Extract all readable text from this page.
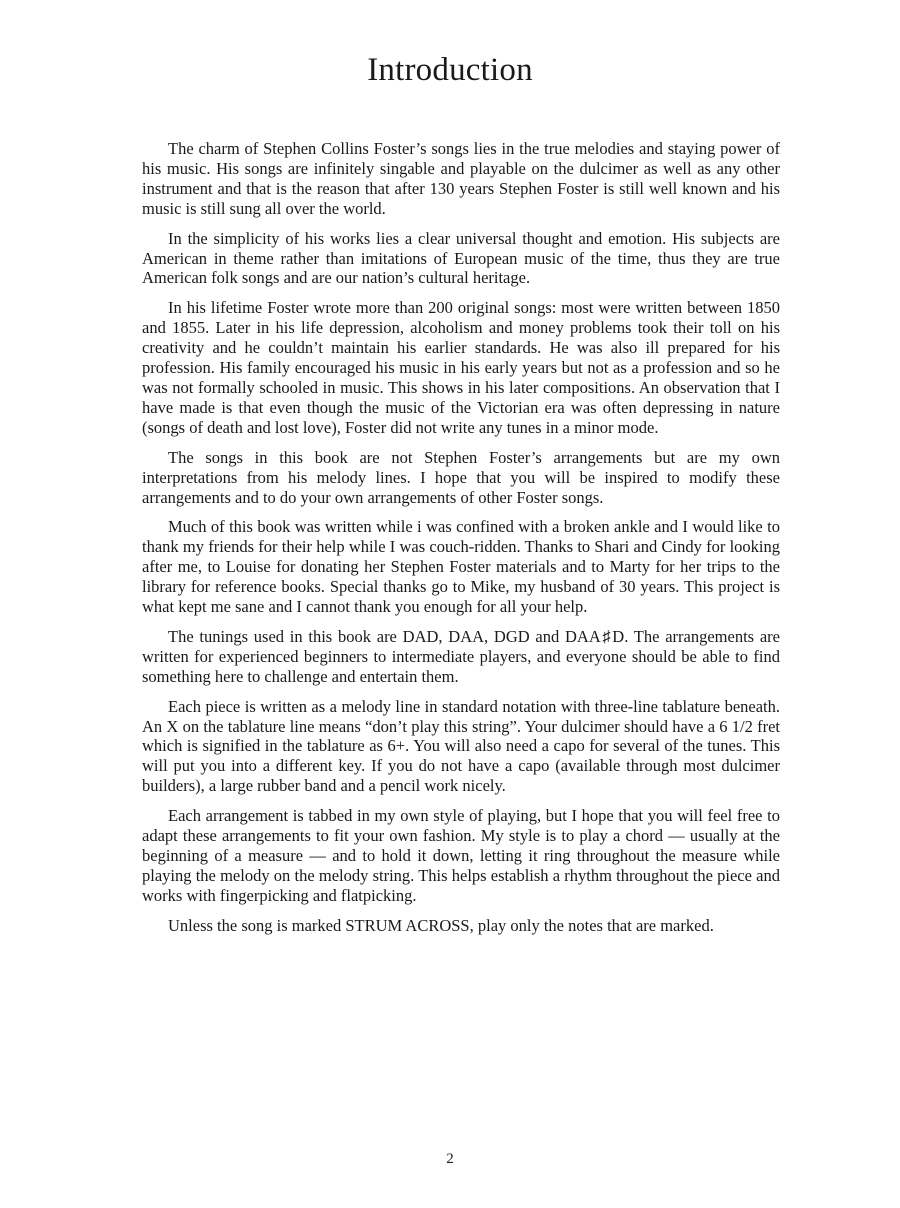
Introduction

The charm of Stephen Collins Foster’s songs lies in the true melodies and staying power of his music. His songs are infinitely singable and playable on the dulcimer as well as any other instrument and that is the reason that after 130 years Stephen Foster is still well known and his music is still sung all over the world.

In the simplicity of his works lies a clear universal thought and emotion. His subjects are American in theme rather than imitations of European music of the time, thus they are true American folk songs and are our nation’s cultural heritage.

In his lifetime Foster wrote more than 200 original songs: most were written between 1850 and 1855. Later in his life depression, alcoholism and money problems took their toll on his creativity and he couldn’t maintain his earlier standards. He was also ill prepared for his profession. His family encouraged his music in his early years but not as a profession and so he was not formally schooled in music. This shows in his later compositions. An observation that I have made is that even though the music of the Victorian era was often depressing in nature (songs of death and lost love), Foster did not write any tunes in a minor mode.

The songs in this book are not Stephen Foster’s arrangements but are my own interpretations from his melody lines. I hope that you will be inspired to modify these arrangements and to do your own arrangements of other Foster songs.

Much of this book was written while i was confined with a broken ankle and I would like to thank my friends for their help while I was couch-ridden. Thanks to Shari and Cindy for looking after me, to Louise for donating her Stephen Foster materials and to Marty for her trips to the library for reference books. Special thanks go to Mike, my husband of 30 years. This project is what kept me sane and I cannot thank you enough for all your help.

The tunings used in this book are DAD, DAA, DGD and DAA♯D. The arrangements are written for experienced beginners to intermediate players, and everyone should be able to find something here to challenge and entertain them.

Each piece is written as a melody line in standard notation with three-line tablature beneath. An X on the tablature line means “don’t play this string”. Your dulcimer should have a 6 1/2 fret which is signified in the tablature as 6+. You will also need a capo for several of the tunes. This will put you into a different key. If you do not have a capo (available through most dulcimer builders), a large rubber band and a pencil work nicely.

Each arrangement is tabbed in my own style of playing, but I hope that you will feel free to adapt these arrangements to fit your own fashion. My style is to play a chord — usually at the beginning of a measure — and to hold it down, letting it ring throughout the measure while playing the melody on the melody string. This helps establish a rhythm throughout the piece and works with fingerpicking and flatpicking.

Unless the song is marked STRUM ACROSS, play only the notes that are marked.

2
